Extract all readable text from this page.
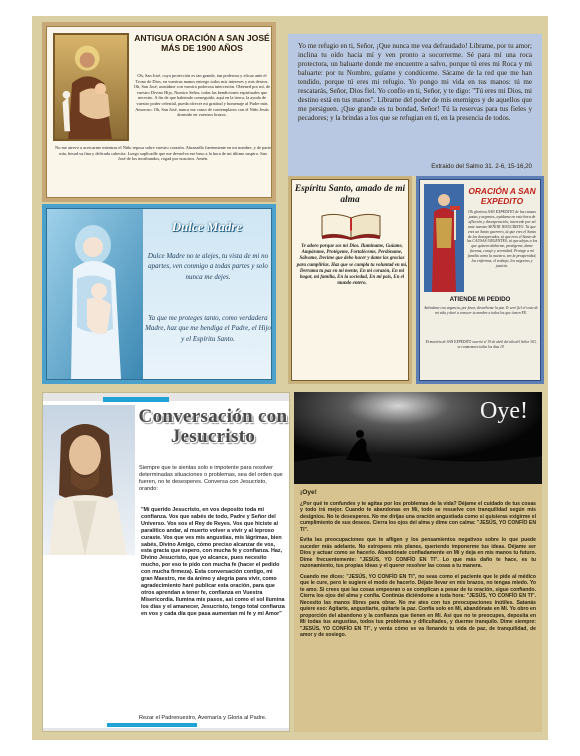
ANTIGUA ORACIÓN A SAN JOSÉ MÁS DE 1900 AÑOS
Oh, San José, cuya protección es tan grande, tan poderosa y eficaz ante el Trono de Dios, en vuestras manos entrego todos mis intereses y mis deseos. Oh, San José, asistidme con vuestra poderosa intercesión. Obtened por mí, de vuestro Divino Hijo, Nuestro Señor, todas las bendiciones espirituales que necesito. A fin de que habiendo conseguido, aquí en la tierra, la ayuda de vuestro poder celestial, pueda ofrecer mi gratitud y homenaje al Padre más Amoroso. Oh, San José, nunca me canso de contemplaros con el Niño Jesús dormido en vuestros brazos.
No me atrevo a acercarme mientras el Niño reposa sobre vuestro corazón. Abrazadlo fuertemente en mi nombre, y de parte mía, besad su fina y delicada cabecita. Luego suplicadle que me devuelva ese beso a la hora de mi último suspiro. San José de los moribundos, rogad por nosotros. Amén.
Yo me refugio en ti, Señor, ¡Que nunca me vea defraudado! Líbrame, por tu amor; inclina tu oído hacia mí y ven pronto a socorrerme. Sé para mí una roca protectora, un baluarte donde me encuentre a salvo, porque tú eres mi Roca y mi baluarte: por tu Nombre, guíame y condúceme. Sácame de la red que me han tendido, porque tú eres mi refugio. Yo pongo mi vida en tus manos: tú me rescatarás, Señor, Dios fiel. Yo confío en ti, Señor, y te digo: "Tú eres mi Dios, mi destino está en tus manos". Líbrame del poder de mis enemigos y de aquellos que me persiguen. ¡Que grande es tu bondad, Señor! Tú la reservas para tus fieles y pecadores; y la brindas a los que se refugian en ti, en la presencia de todos.
Extraido del Salmo 31. 2-6, 15-16,20
Dulce Madre
Dulce Madre no te alejes, tu vista de mi no apartes, ven conmigo a todas partes y solo nunca me dejes.
Ya que me proteges tanto, como verdadera Madre, haz que me bendiga el Padre, el Hijo y el Espíritu Santo.
Espíritu Santo, amado de mi alma
Te adoro porque sos mi Dios. Iluminame, Guíame, Ampárame, Protégeme, Fortaléceme, Perdóname, Sálvame, Decime que debo hacer y dame las gracias para cumplirlas. Haz que se cumpla tu voluntad en mí, Derrama tu paz en mi mente, En mi corazón, En mi hogar, mi familia, En la sociedad, En mi país, En el mundo entero.
ORACIÓN A SAN EXPEDITO
Oh glorioso SAN EXPEDITO de las causas justas y urgentes, ayúdame en esta hora de aflicción y desesperación, intercede por mí ante nuestro SEÑOR JESUCRISTO. Tú que eres un Santo guerrero, tú que eres el Santo de los desesperados, tú que eres el Santo de las CAUSAS URGENTES, tú que alejas a los que quieren dañarme, protégeme, dame fuerzas, coraje y serenidad. Protege a mi familia como la nuestra, ten la prosperidad, los enfermos, el trabajo, los negocios y justicia.
ATIENDE MI PEDIDO
Atiéndeme con urgencia, por favor, devuélveme la paz. Te seré fiel el resto de mi vida y daré a conocer tu nombre a todos los que tienen FE.
El martirio de SAN EXPEDITO ocurrió el 19 de abril del año del Señor 303, se conmemora todos los días 19.
Conversación con Jesucristo
Siempre que te sientas solo e impotente para resolver determinadas situaciones o problemas, sea del orden que fueren, no te desesperes. Conversa con Jesucristo, orando:
"Mi querido Jesucristo, en vos deposito toda mi confianza. Vos que sabés de todo, Padre y Señor del Universo. Vos sos el Rey de Reyes. Vos que hiciste al paralítico andar, al muerto volver a vivir y al leproso curaste. Vos que ves mis angustias, mis lágrimas, bien sabés, Divino Amigo, cómo preciso alcanzar de vos, esta gracia que espero, con mucha fe y confianza. Haz, Divino Jesucristo, que yo alcance, pues necesito mucho, por eso te pido con mucha fe (hacer el pedido con mucha firmeza). Esta conversación contigo, mi gran Maestro, me da ánimo y alegría para vivir, como agradecimiento haré publicar esta oración, para que otros aprendan a tener fe, confianza en Vuestra Misericordia. Ilumina mis pasos, así como el sol ilumina los días y el amanecer, Jesucristo, tengo total confianza en vos y cada día que pasa aumentan mi fe y mi Amor"
Rezar el Padrenuestro, Avemaría y Gloria al Padre.
Oye!

¡Oye!

¿Por qué te confundes y te agitas por los problemas de la vida? Déjame el cuidado de tus cosas y todo irá mejor. Cuando te abandonas en Mí, todo se resuelve con tranquilidad según mis designios. No te desesperes. No me dirijas una oración angustiada como si quisieras exigirme el cumplimiento de sus deseos. Cierra los ojos del alma y dime con calma: "JESÚS, YO CONFÍO EN TI".

Evita las preocupaciones que te afligen y los pensamientos negativos sobre lo que puede suceder más adelante. No estropees mis planes, queriendo imponerme tus ideas. Déjame ser Dios y actuar como se hacerlo. Abandónate confiadamente en Mí y deja en mis manos tu futuro. Dime frecuentemente: "JESÚS, YO CONFÍO EN TI". Lo que más daño te hace, es tu razonamiento, tus propias ideas y el querer resolver las cosas a tu manera.

Cuando me dices: "JESÚS, YO CONFÍO EN TI", no seas como el paciente que le pide al médico que le cure, pero le sugiere el modo de hacerlo. Déjate llevar en mis brazos, no tengas miedo. Yo te amo. Si crees que las cosas empeoran o se complican a pesar de tu oración, sigue confiando. Cierra los ojos del alma y confía. Continúa diciéndome a toda hora: "JESÚS, YO CONFÍO EN TI". Necesito las manos libres para obrar. No me ates con tus preocupaciones inútiles. Satanás quiere eso: Agitarte, angustiarte, quitarte la paz. Confía solo en Mí, abandónate en Mí. Yo obro en proporción del abandono y la confianza que tienen en Mí. Así que no te preocupes, deposita en Mí todas tus angustias, todos tus problemas y dificultades, y duerme tranquilo. Dime siempre: "JESÚS, YO CONFÍO EN TI", y verás cómo se va llenando tu vida de paz, de tranquilidad, de amor y de sosiego.
